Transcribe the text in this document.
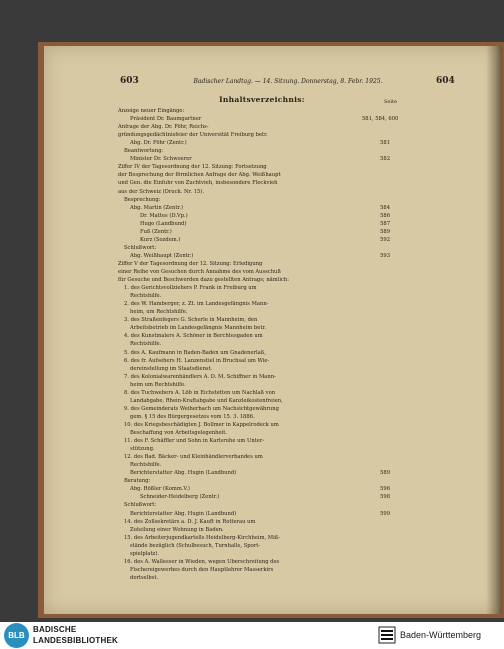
603	Badischer Landtag. — 14. Sitzung. Donnerstag, 8. Febr. 1925.	604
Inhaltsverzeichnis:	Seite
Anzeige neuer Eingänge:
Präsident Dr. Baumgartner	581, 584, 600
Anfrage der Abg. Dr. Föhr, Reichs-
gründungsgedächtnisfeier der Universität Freiburg betr.
Abg. Dr. Föhr (Zentr.)	581
Beantwortung:
Minister Dr. Schwoerer	582
Ziffer IV der Tagesordnung der 12. Sitzung: Fortsetzung
der Besprechung der förmlichen Anfrage der Abg. Weißhaupt
und Gen. die Einfuhr von Zuchtvieh, insbesondere Fleckvieh
aus der Schweiz (Druck. Nr. 15).
Besprechung:
Abg. Martin (Zentr.)	584
Dr. Mattes (D.Vp.)	586
Hugo (Landbund)	587
Fuß (Zentr.)	589
Kurz (Sozdem.)	592
Schlußwort:
Abg. Weißhaupt (Zentr.)	593
Ziffer V der Tagesordnung der 12. Sitzung: Erledigung
einer Reihe von Gesuchen durch Annahme des vom Ausschuß
für Gesuche und Beschwerden dazu gestellten Antrags; nämlich:
1. des Gerichtsvollziehers P. Frank in Freiburg um
Rechtshilfe.
2. des W. Hamberger, z. Zt. im Landesgefängnis Mann-
heim, um Rechtshilfe.
3. des Straßenfegers G. Scherle in Mannheim, den
Arbeitsbetrieb im Landesgefängnis Mannheim betr.
4. des Kunstmalers A. Schöner in Berchtesgaden um
Rechtshilfe.
5. des A. Kaufmann in Baden-Baden um Gnadenerlaß,
6. des fr. Aufsehers H. Lanzenstiel in Bruchsal um Wie-
dereinstellung im Staatsdienst.
7. des Kolonialwarenhändlers A. D. M. Schiffner in Mann-
heim um Rechtshilfe.
8. des Tuchwebers A. Löb in Eichstetten um Nachlaß von
Landabgabe, Rhein-Kraftabgabe und Kanzleikostenfreien,
9. des Gemeinderats Weiherbach um Nachsichtgewährung
gem. § 15 des Bürgergesetzes vom 15. 3. 1886.
10. des Kriegsbeschädigten J. Bollmer in Kappelrodeck um
Beschaffung von Arbeitsgelegenheit.
11. des F. Schäffler und Sohn in Karlsruhe um Unter-
stützung.
12. des Bad. Bäcker- und Kleinhändlerverbandes um
Rechtshilfe.
Berichterstatter Abg. Hugin (Landbund)	589
Beratung:
Abg. Rößler (Komm.V.)	596
Schneider-Heidelberg (Zentr.)	598
Schlußwort:
Berichterstatter Abg. Hugin (Landbund)	599
14. des Zollsekretärs a. D. J. Kauft in Rotterau um
Zuteilung einer Wohnung in Baden.
15. des Arbeiterjugendkartells Heidelberg-Kirchheim, Miß-
stände bezüglich (Schulbesuch, Turnhalle, Sport-
spielplatz).
16. des A. Wallesser in Wieden, wegen Überschreitung des
Fischereigewerbes durch den Hauptlehrer Masserkirs
dortselbst.
BLB
BADISCHE
LANDESBIBLIOTHEK
Baden-Württemberg
